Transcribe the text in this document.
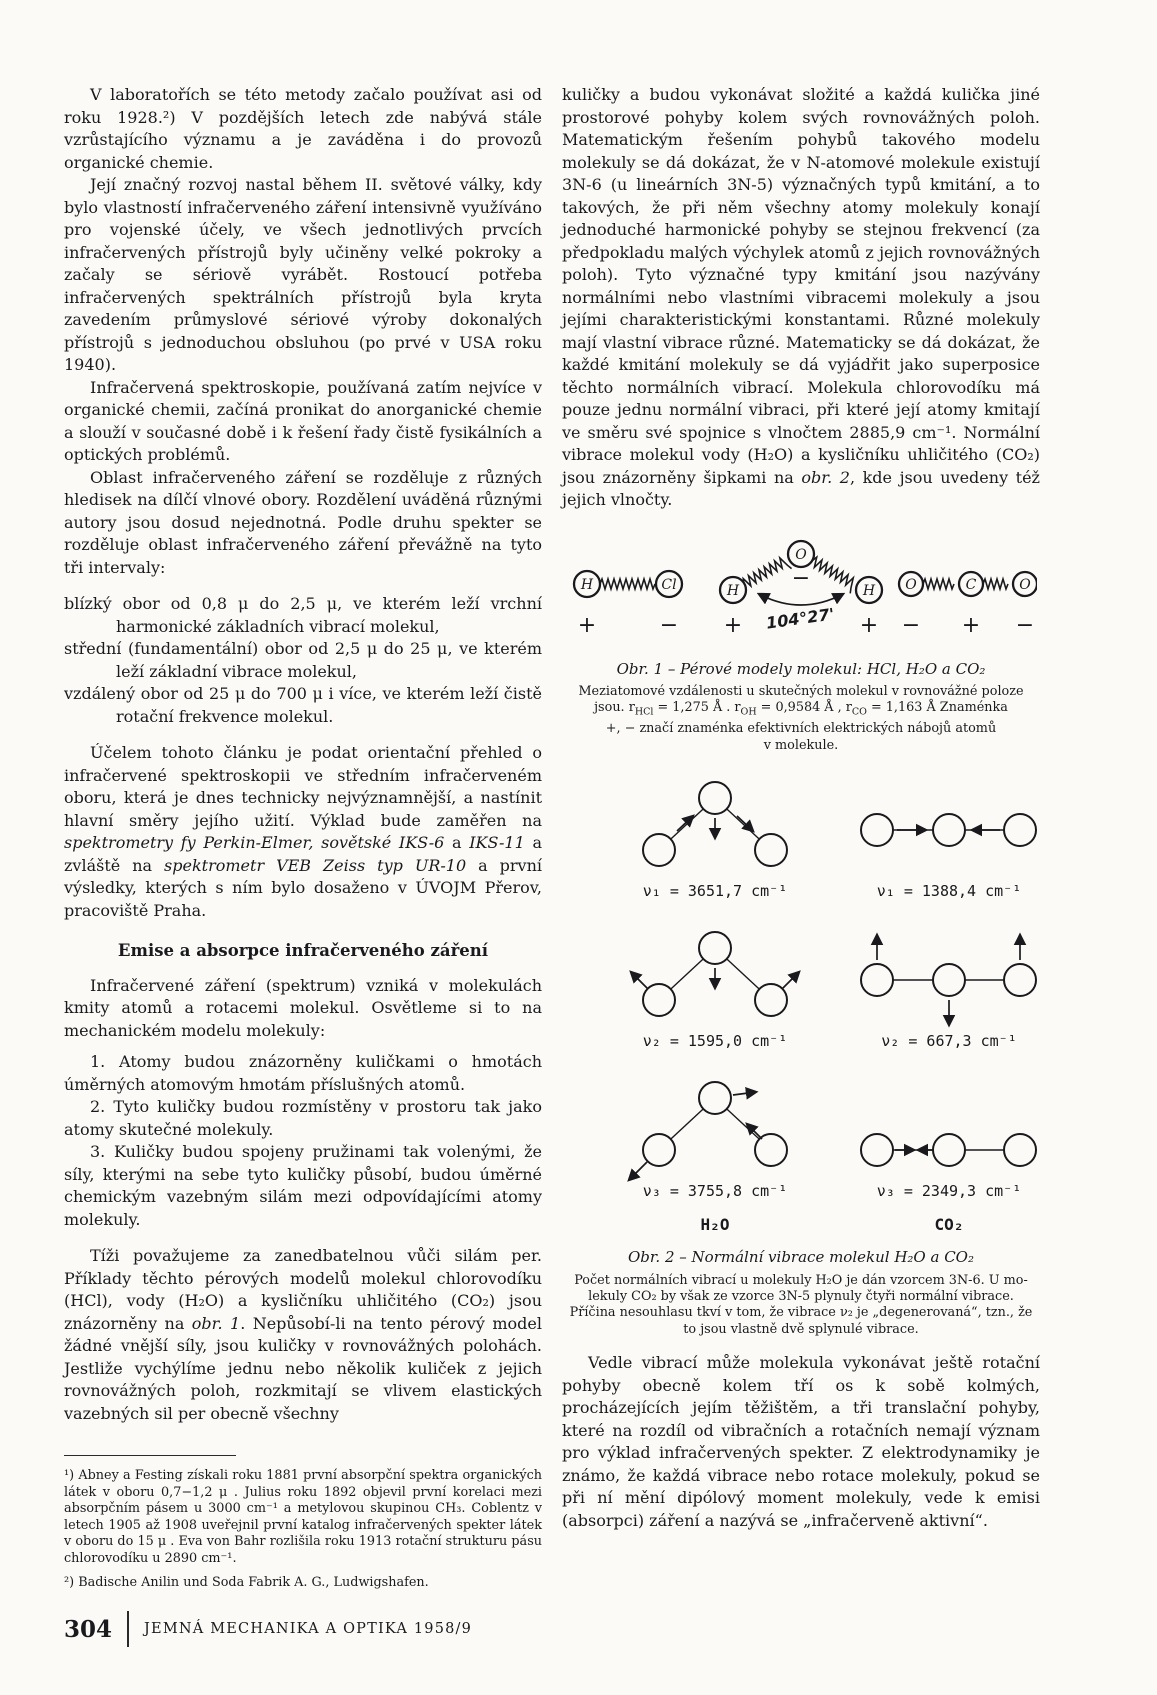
V laboratořích se této metody začalo používat asi od roku 1928.²) V pozdějších letech zde nabývá stále vzrůstajícího významu a je zaváděna i do provozů organické chemie.

Její značný rozvoj nastal během II. světové války, kdy bylo vlastností infračerveného záření intensivně využíváno pro vojenské účely, ve všech jednotlivých prvcích infračervených přístrojů byly učiněny velké pokroky a začaly se sériově vyrábět. Rostoucí potřeba infračervených spektrálních přístrojů byla kryta zavedením průmyslové sériové výroby dokonalých přístrojů s jednoduchou obsluhou (po prvé v USA roku 1940).

Infračervená spektroskopie, používaná zatím nejvíce v organické chemii, začíná pronikat do anorganické chemie a slouží v současné době i k řešení řady čistě fysikálních a optických problémů.

Oblast infračerveného záření se rozděluje z různých hledisek na dílčí vlnové obory. Rozdělení uváděná různými autory jsou dosud nejednotná. Podle druhu spekter se rozděluje oblast infračerveného záření převážně na tyto tři intervaly:

blízký obor od 0,8 μ do 2,5 μ, ve kterém leží vrchní harmonické základních vibrací molekul,

střední (fundamentální) obor od 2,5 μ do 25 μ, ve kterém leží základní vibrace molekul,

vzdálený obor od 25 μ do 700 μ i více, ve kterém leží čistě rotační frekvence molekul.

Účelem tohoto článku je podat orientační přehled o infračervené spektroskopii ve středním infračerveném oboru, která je dnes technicky nejvýznamnější, a nastínit hlavní směry jejího užití. Výklad bude zaměřen na spektrometry fy Perkin-Elmer, sovětské IKS-6 a IKS-11 a zvláště na spektrometr VEB Zeiss typ UR-10 a první výsledky, kterých s ním bylo dosaženo v ÚVOJM Přerov, pracoviště Praha.

Emise a absorpce infračerveného záření

Infračervené záření (spektrum) vzniká v molekulách kmity atomů a rotacemi molekul. Osvětleme si to na mechanickém modelu molekuly:

1. Atomy budou znázorněny kuličkami o hmotách úměrných atomovým hmotám příslušných atomů.

2. Tyto kuličky budou rozmístěny v prostoru tak jako atomy skutečné molekuly.

3. Kuličky budou spojeny pružinami tak volenými, že síly, kterými na sebe tyto kuličky působí, budou úměrné chemickým vazebným silám mezi odpovídajícími atomy molekuly.

Tíži považujeme za zanedbatelnou vůči silám per. Příklady těchto pérových modelů molekul chlorovodíku (HCl), vody (H₂O) a kysličníku uhličitého (CO₂) jsou znázorněny na obr. 1. Nepůsobí-li na tento pérový model žádné vnější síly, jsou kuličky v rovnovážných polohách. Jestliže vychýlíme jednu nebo několik kuliček z jejich rovnovážných poloh, rozkmitají se vlivem elastických vazebných sil per obecně všechny

¹) Abney a Festing získali roku 1881 první absorpční spektra organických látek v oboru 0,7−1,2 μ . Julius roku 1892 objevil první korelaci mezi absorpčním pásem u 3000 cm⁻¹ a metylovou skupinou CH₃. Coblentz v letech 1905 až 1908 uveřejnil první katalog infračervených spekter látek v oboru do 15 μ . Eva von Bahr rozlišila roku 1913 rotační strukturu pásu chlorovodíku u 2890 cm⁻¹.

²) Badische Anilin und Soda Fabrik A. G., Ludwigshafen.

kuličky a budou vykonávat složité a každá kulička jiné prostorové pohyby kolem svých rovnovážných poloh. Matematickým řešením pohybů takového modelu molekuly se dá dokázat, že v N-atomové molekule existují 3N-6 (u lineárních 3N-5) význačných typů kmitání, a to takových, že při něm všechny atomy molekuly konají jednoduché harmonické pohyby se stejnou frekvencí (za předpokladu malých výchylek atomů z jejich rovnovážných poloh). Tyto význačné typy kmitání jsou nazývány normálními nebo vlastními vibracemi molekuly a jsou jejími charakteristickými konstantami. Různé molekuly mají vlastní vibrace různé. Matematicky se dá dokázat, že každé kmitání molekuly se dá vyjádřit jako superposice těchto normálních vibrací. Molekula chlorovodíku má pouze jednu normální vibraci, při které její atomy kmitají ve směru své spojnice s vlnočtem 2885,9 cm⁻¹. Normální vibrace molekul vody (H₂O) a kysličníku uhličitého (CO₂) jsou znázorněny šipkami na obr. 2, kde jsou uvedeny též jejich vlnočty.

H	Cl
+	−
H
O
H
−
104°27'
+	+
O	C	O
− + −
Obr. 1 – Pérové modely molekul: HCl, H₂O a CO₂
Meziatomové vzdálenosti u skutečných molekul v rovnovážné poloze
jsou. $r_{HCl} = 1,275$ Å . $r_{OH} = 0,9584$ Å , $r_{CO} = 1,163$ Å Znaménka
+, − značí znaménka efektivních elektrických nábojů atomů
v molekule.
ν₁ = 3651,7 cm⁻¹	ν₁ = 1388,4 cm⁻¹
ν₂ = 1595,0 cm⁻¹	ν₂ = 667,3 cm⁻¹
ν₃ = 3755,8 cm⁻¹	ν₃ = 2349,3 cm⁻¹
H₂O	CO₂
Obr. 2 – Normální vibrace molekul H₂O a CO₂
Počet normálních vibrací u molekuly H₂O je dán vzorcem 3N-6. U mo-
lekuly CO₂ by však ze vzorce 3N-5 plynuly čtyři normální vibrace.
Příčina nesouhlasu tkví v tom, že vibrace ν₂ je „degenerovaná“, tzn., že
to jsou vlastně dvě splynulé vibrace.

Vedle vibrací může molekula vykonávat ještě rotační pohyby obecně kolem tří os k sobě kolmých, procházejících jejím těžištěm, a tři translační pohyby, které na rozdíl od vibračních a rotačních nemají význam pro výklad infračervených spekter. Z elektrodynamiky je známo, že každá vibrace nebo rotace molekuly, pokud se při ní mění dipólový moment molekuly, vede k emisi (absorpci) záření a nazývá se „infračerveně aktivní“.

304 JEMNÁ MECHANIKA A OPTIKA 1958/9
